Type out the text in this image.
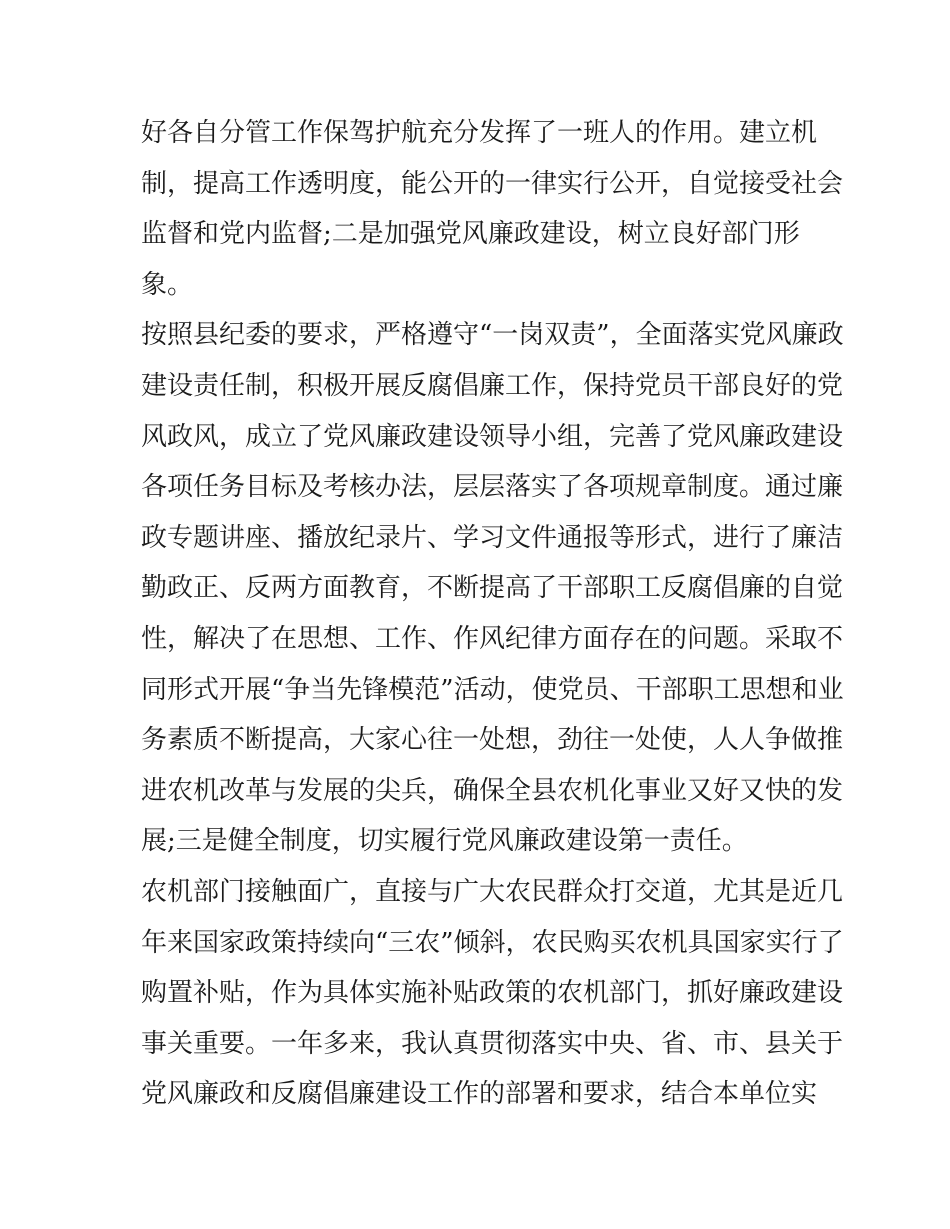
好各自分管工作保驾护航充分发挥了一班人的作用。建立机
制，提高工作透明度，能公开的一律实行公开，自觉接受社会
监督和党内监督;二是加强党风廉政建设，树立良好部门形
象。
按照县纪委的要求，严格遵守“一岗双责”，全面落实党风廉政
建设责任制，积极开展反腐倡廉工作，保持党员干部良好的党
风政风，成立了党风廉政建设领导小组，完善了党风廉政建设
各项任务目标及考核办法，层层落实了各项规章制度。通过廉
政专题讲座、播放纪录片、学习文件通报等形式，进行了廉洁
勤政正、反两方面教育，不断提高了干部职工反腐倡廉的自觉
性，解决了在思想、工作、作风纪律方面存在的问题。采取不
同形式开展“争当先锋模范”活动，使党员、干部职工思想和业
务素质不断提高，大家心往一处想，劲往一处使，人人争做推
进农机改革与发展的尖兵，确保全县农机化事业又好又快的发
展;三是健全制度，切实履行党风廉政建设第一责任。
农机部门接触面广，直接与广大农民群众打交道，尤其是近几
年来国家政策持续向“三农”倾斜，农民购买农机具国家实行了
购置补贴，作为具体实施补贴政策的农机部门，抓好廉政建设
事关重要。一年多来，我认真贯彻落实中央、省、市、县关于
党风廉政和反腐倡廉建设工作的部署和要求，结合本单位实
